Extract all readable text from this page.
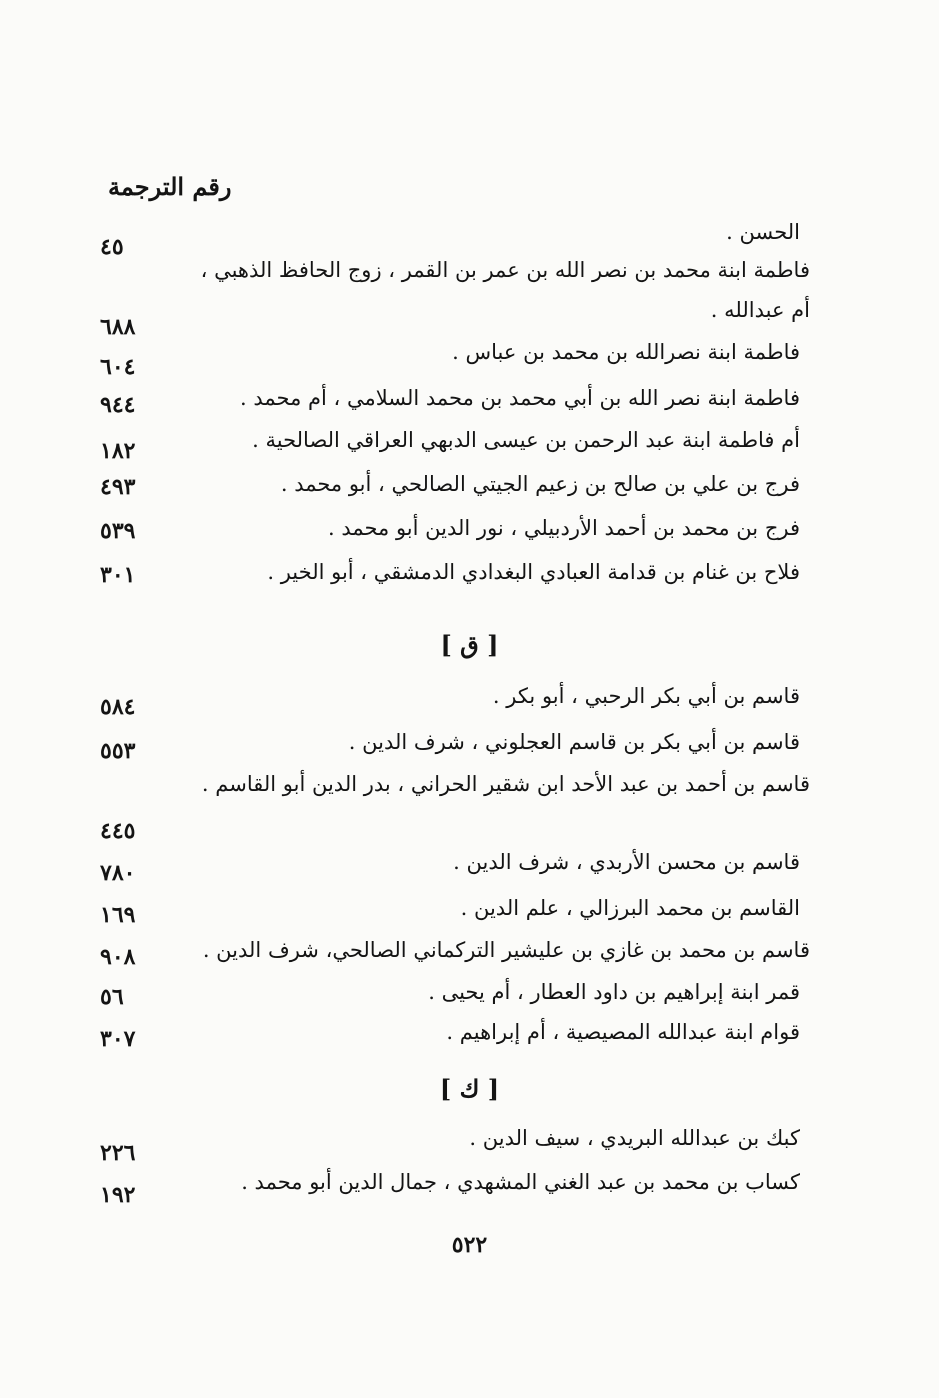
رقم الترجمة
الحسن .
٤٥
فاطمة ابنة محمد بن نصر الله بن عمر بن القمر ، زوج الحافظ الذهبي ، أم عبدالله .
٦٨٨
فاطمة ابنة نصرالله بن محمد بن عباس .
٦٠٤
فاطمة ابنة نصر الله بن أبي محمد بن محمد السلامي ، أم محمد .
٩٤٤
أم فاطمة ابنة عبد الرحمن بن عيسى الدبهي العراقي الصالحية .
١٨٢
فرج بن علي بن صالح بن زعيم الجيتي الصالحي ، أبو محمد .
٤٩٣
فرج بن محمد بن أحمد الأردبيلي ، نور الدين أبو محمد .
٥٣٩
فلاح بن غنام بن قدامة العبادي البغدادي الدمشقي ، أبو الخير .
٣٠١
[ ق ]
قاسم بن أبي بكر الرحبي ، أبو بكر .
٥٨٤
قاسم بن أبي بكر بن قاسم العجلوني ، شرف الدين .
٥٥٣
قاسم بن أحمد بن عبد الأحد ابن شقير الحراني ، بدر الدين أبو القاسم .
٤٤٥
قاسم بن محسن الأربدي ، شرف الدين .
٧٨٠
القاسم بن محمد البرزالي ، علم الدين .
١٦٩
قاسم بن محمد بن غازي بن عليشير التركماني الصالحي، شرف الدين .
٩٠٨
قمر ابنة إبراهيم بن داود العطار ، أم يحيى .
٥٦
قوام ابنة عبدالله المصيصية ، أم إبراهيم .
٣٠٧
[ ك ]
كبك بن عبدالله البريدي ، سيف الدين .
٢٢٦
كساب بن محمد بن عبد الغني المشهدي ، جمال الدين أبو محمد .
١٩٢
٥٢٢
